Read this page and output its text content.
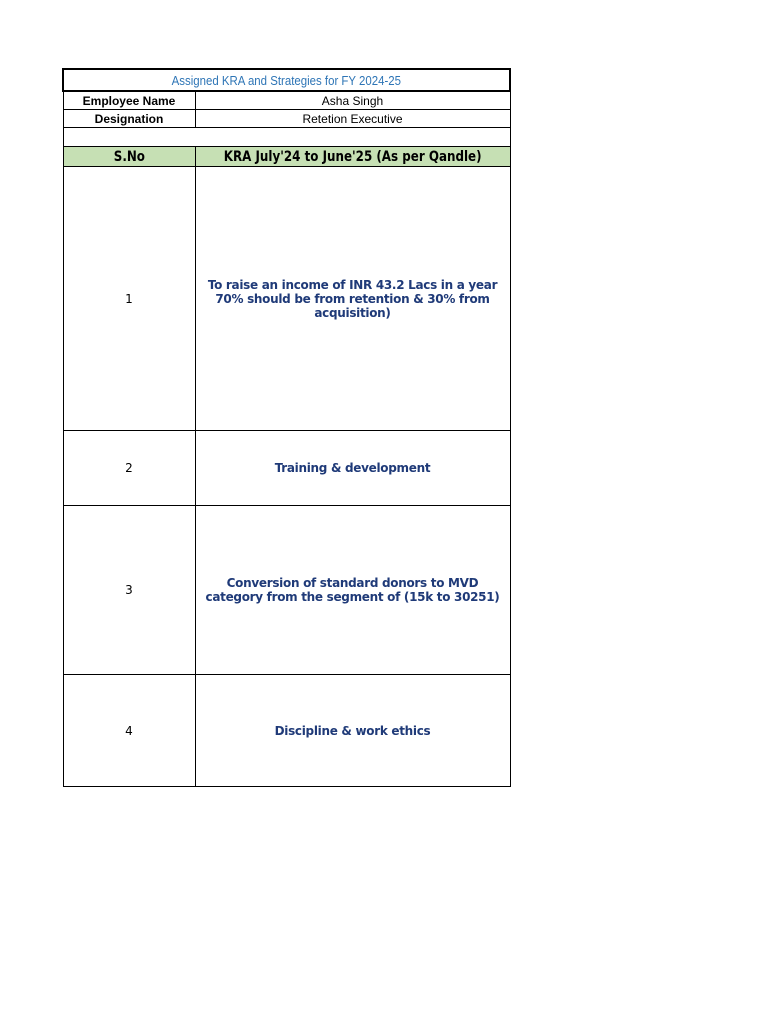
Assigned KRA and Strategies for FY 2024-25	
Employee Name	Asha Singh
Designation	Retetion Executive

S.No	KRA July'24 to June'25 (As per Qandle)
1	To raise an income of INR 43.2 Lacs in a year 70% should be from retention & 30% from acquisition)
2	Training & development
3	Conversion of standard donors to MVD category from the segment of (15k to 30251)
4	Discipline & work ethics
